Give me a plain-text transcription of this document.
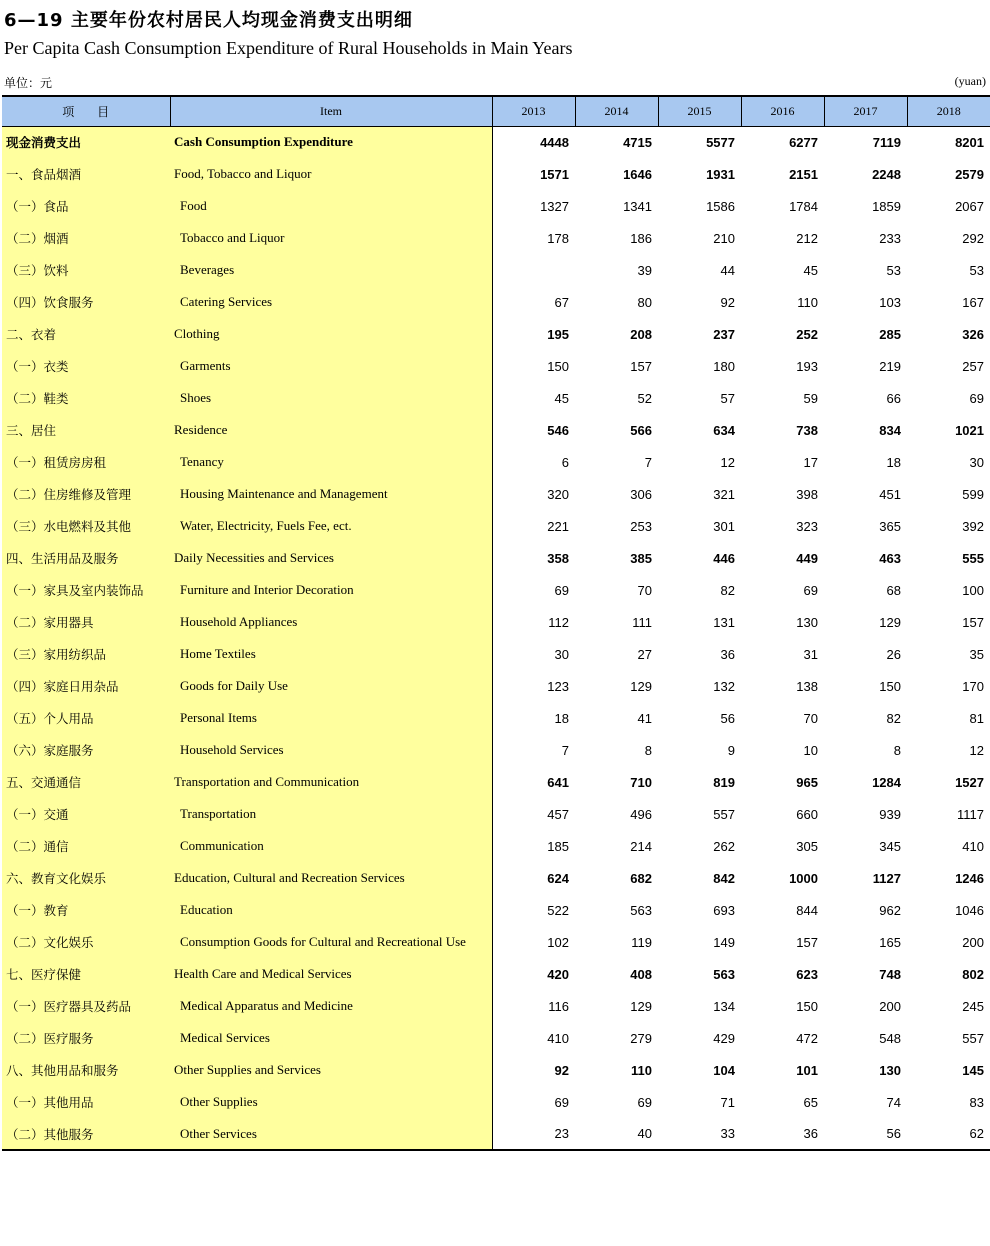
6—19 主要年份农村居民人均现金消费支出明细
Per Capita Cash Consumption Expenditure of Rural Households in Main Years
单位：元	(yuan)
项      目	Item	2013	2014	2015	2016	2017	2018
现金消费支出	Cash Consumption Expenditure	4448	4715	5577	6277	7119	8201
一、食品烟酒	Food, Tobacco and Liquor	1571	1646	1931	2151	2248	2579
（一）食品	Food	1327	1341	1586	1784	1859	2067
（二）烟酒	Tobacco and Liquor	178	186	210	212	233	292
（三）饮料	Beverages		39	44	45	53	53
（四）饮食服务	Catering Services	67	80	92	110	103	167
二、衣着	Clothing	195	208	237	252	285	326
（一）衣类	Garments	150	157	180	193	219	257
（二）鞋类	Shoes	45	52	57	59	66	69
三、居住	Residence	546	566	634	738	834	1021
（一）租赁房房租	Tenancy	6	7	12	17	18	30
（二）住房维修及管理	Housing Maintenance and Management	320	306	321	398	451	599
（三）水电燃料及其他	Water, Electricity, Fuels Fee, ect.	221	253	301	323	365	392
四、生活用品及服务	Daily Necessities and Services	358	385	446	449	463	555
（一）家具及室内装饰品	Furniture and Interior Decoration	69	70	82	69	68	100
（二）家用器具	Household Appliances	112	111	131	130	129	157
（三）家用纺织品	Home Textiles	30	27	36	31	26	35
（四）家庭日用杂品	Goods for Daily Use	123	129	132	138	150	170
（五）个人用品	Personal Items	18	41	56	70	82	81
（六）家庭服务	Household Services	7	8	9	10	8	12
五、交通通信	Transportation and Communication	641	710	819	965	1284	1527
（一）交通	Transportation	457	496	557	660	939	1117
（二）通信	Communication	185	214	262	305	345	410
六、教育文化娱乐	Education, Cultural and Recreation Services	624	682	842	1000	1127	1246
（一）教育	Education	522	563	693	844	962	1046
（二）文化娱乐	Consumption Goods for Cultural and Recreational Use	102	119	149	157	165	200
七、医疗保健	Health Care and Medical Services	420	408	563	623	748	802
（一）医疗器具及药品	Medical Apparatus and Medicine	116	129	134	150	200	245
（二）医疗服务	Medical Services	410	279	429	472	548	557
八、其他用品和服务	Other Supplies and Services	92	110	104	101	130	145
（一）其他用品	Other Supplies	69	69	71	65	74	83
（二）其他服务	Other Services	23	40	33	36	56	62
